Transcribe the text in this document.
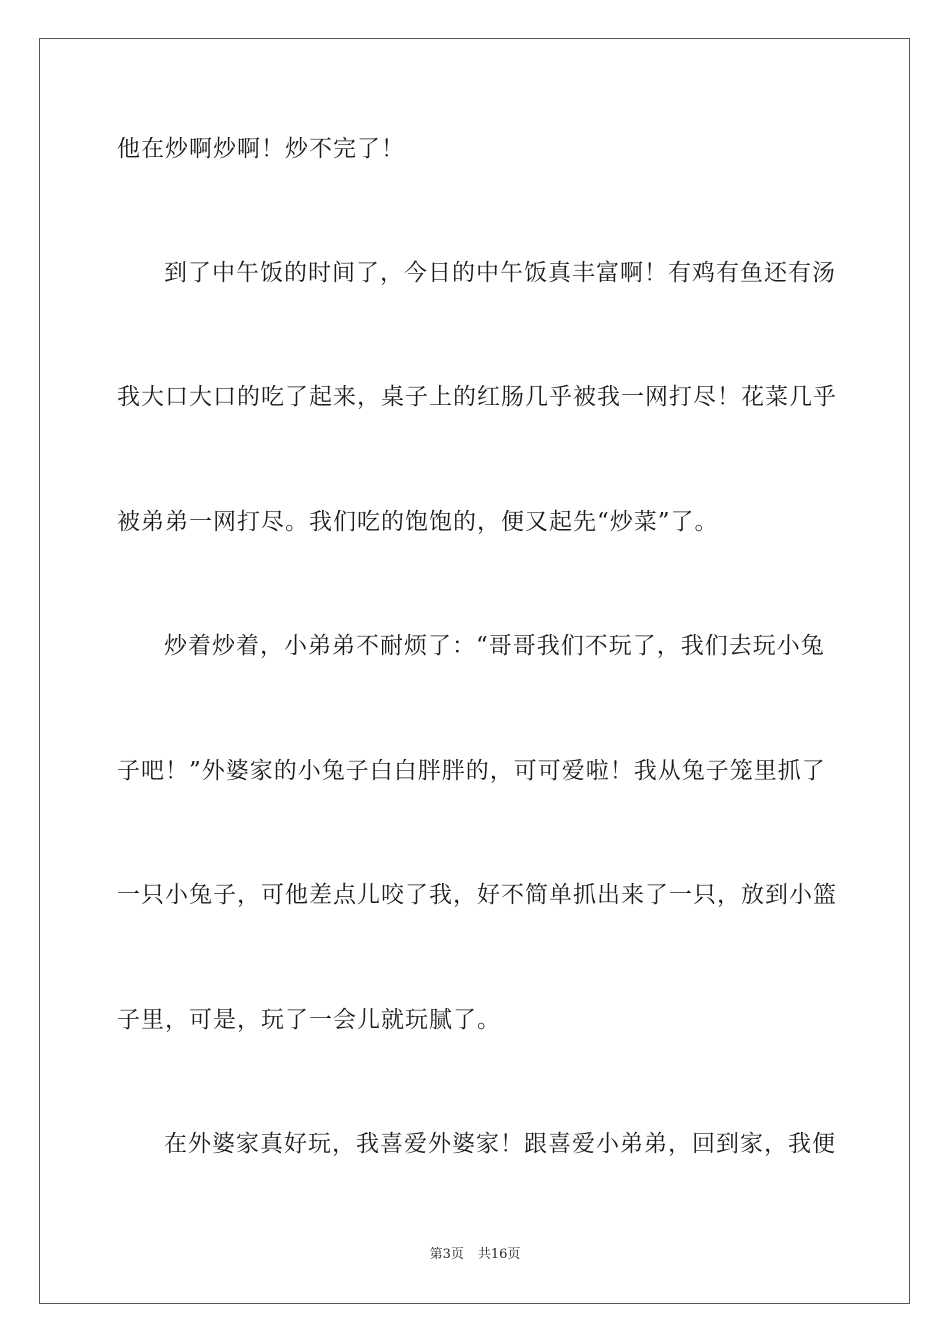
他在炒啊炒啊！炒不完了！
到了中午饭的时间了，今日的中午饭真丰富啊！有鸡有鱼还有汤
我大口大口的吃了起来，桌子上的红肠几乎被我一网打尽！花菜几乎
被弟弟一网打尽。我们吃的饱饱的，便又起先“炒菜”了。
炒着炒着，小弟弟不耐烦了：“哥哥我们不玩了，我们去玩小兔
子吧！”外婆家的小兔子白白胖胖的，可可爱啦！我从兔子笼里抓了
一只小兔子，可他差点儿咬了我，好不简单抓出来了一只，放到小篮
子里，可是，玩了一会儿就玩腻了。
在外婆家真好玩，我喜爱外婆家！跟喜爱小弟弟，回到家，我便
第3页 共16页
